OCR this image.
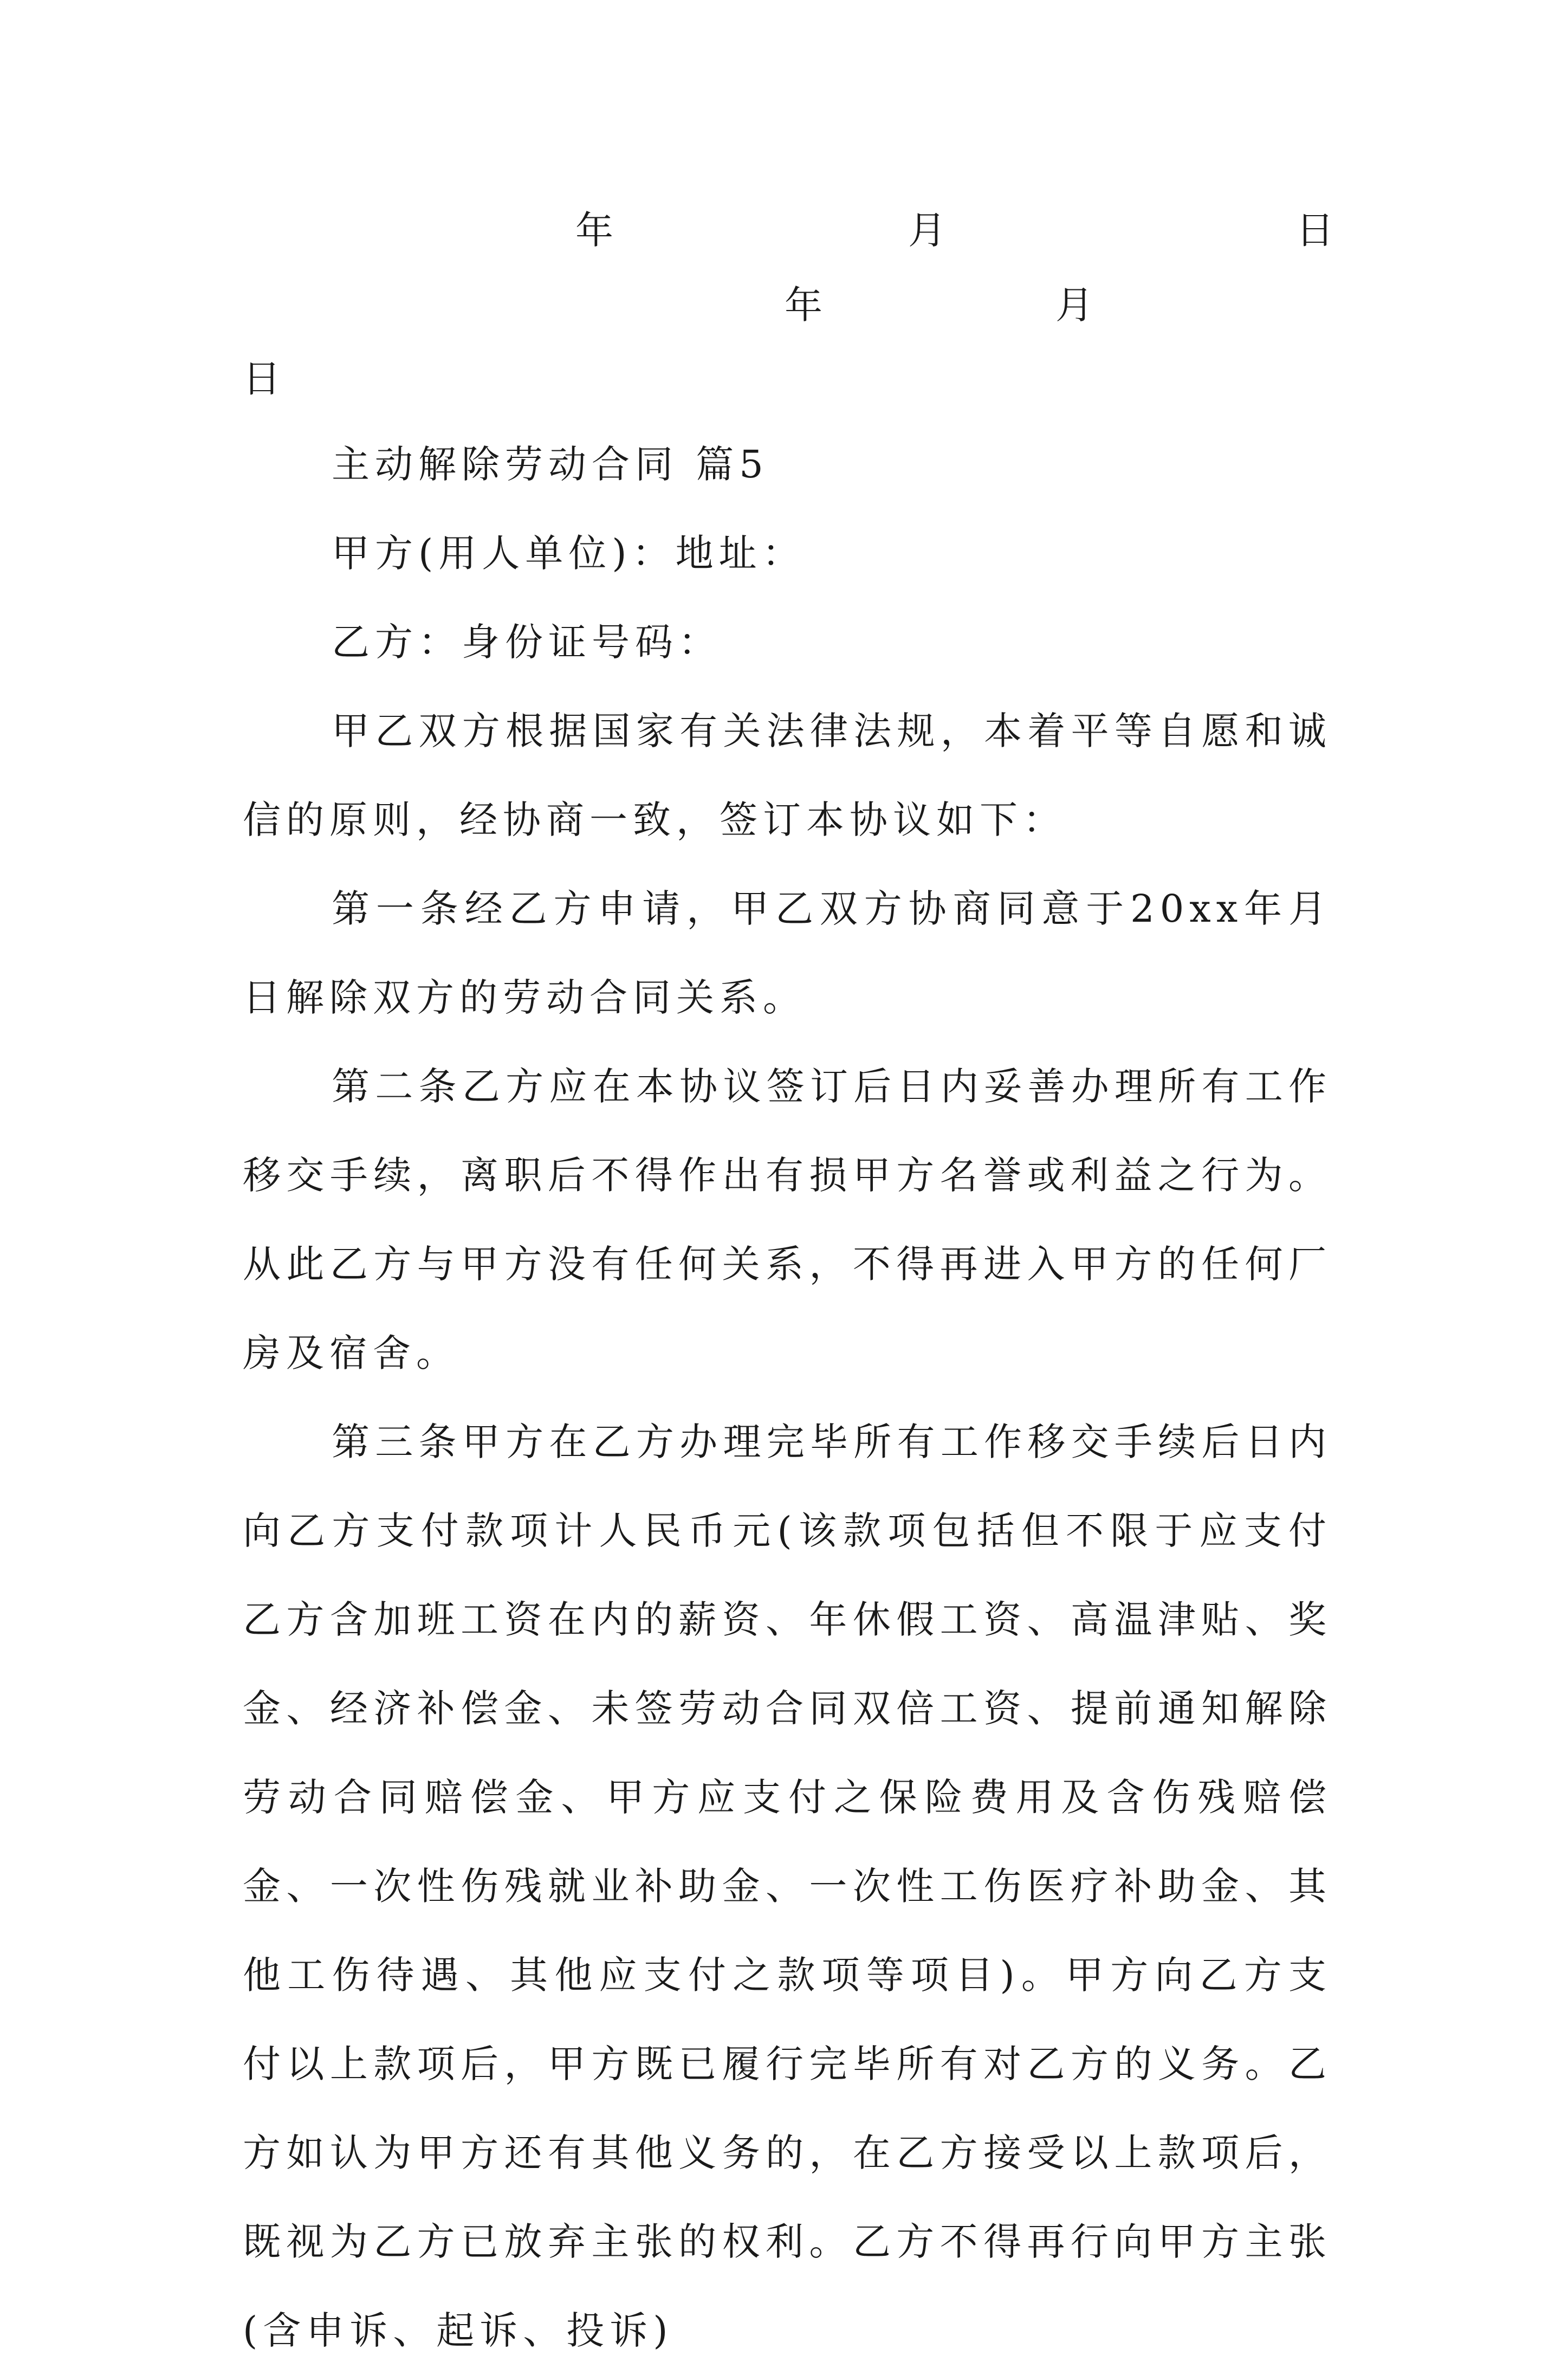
年	月	日
年	月
日

主动解除劳动合同 篇5

甲方(用人单位)：地址：

乙方：身份证号码：

甲乙双方根据国家有关法律法规，本着平等自愿和诚信的原则，经协商一致，签订本协议如下：

第一条经乙方申请，甲乙双方协商同意于20xx年月日解除双方的劳动合同关系。

第二条乙方应在本协议签订后日内妥善办理所有工作移交手续，离职后不得作出有损甲方名誉或利益之行为。从此乙方与甲方没有任何关系，不得再进入甲方的任何厂房及宿舍。

第三条甲方在乙方办理完毕所有工作移交手续后日内向乙方支付款项计人民币元(该款项包括但不限于应支付乙方含加班工资在内的薪资、年休假工资、高温津贴、奖金、经济补偿金、未签劳动合同双倍工资、提前通知解除劳动合同赔偿金、甲方应支付之保险费用及含伤残赔偿金、一次性伤残就业补助金、一次性工伤医疗补助金、其他工伤待遇、其他应支付之款项等项目)。甲方向乙方支付以上款项后，甲方既已履行完毕所有对乙方的义务。乙方如认为甲方还有其他义务的，在乙方接受以上款项后，既视为乙方已放弃主张的权利。乙方不得再行向甲方主张(含申诉、起诉、投诉)
